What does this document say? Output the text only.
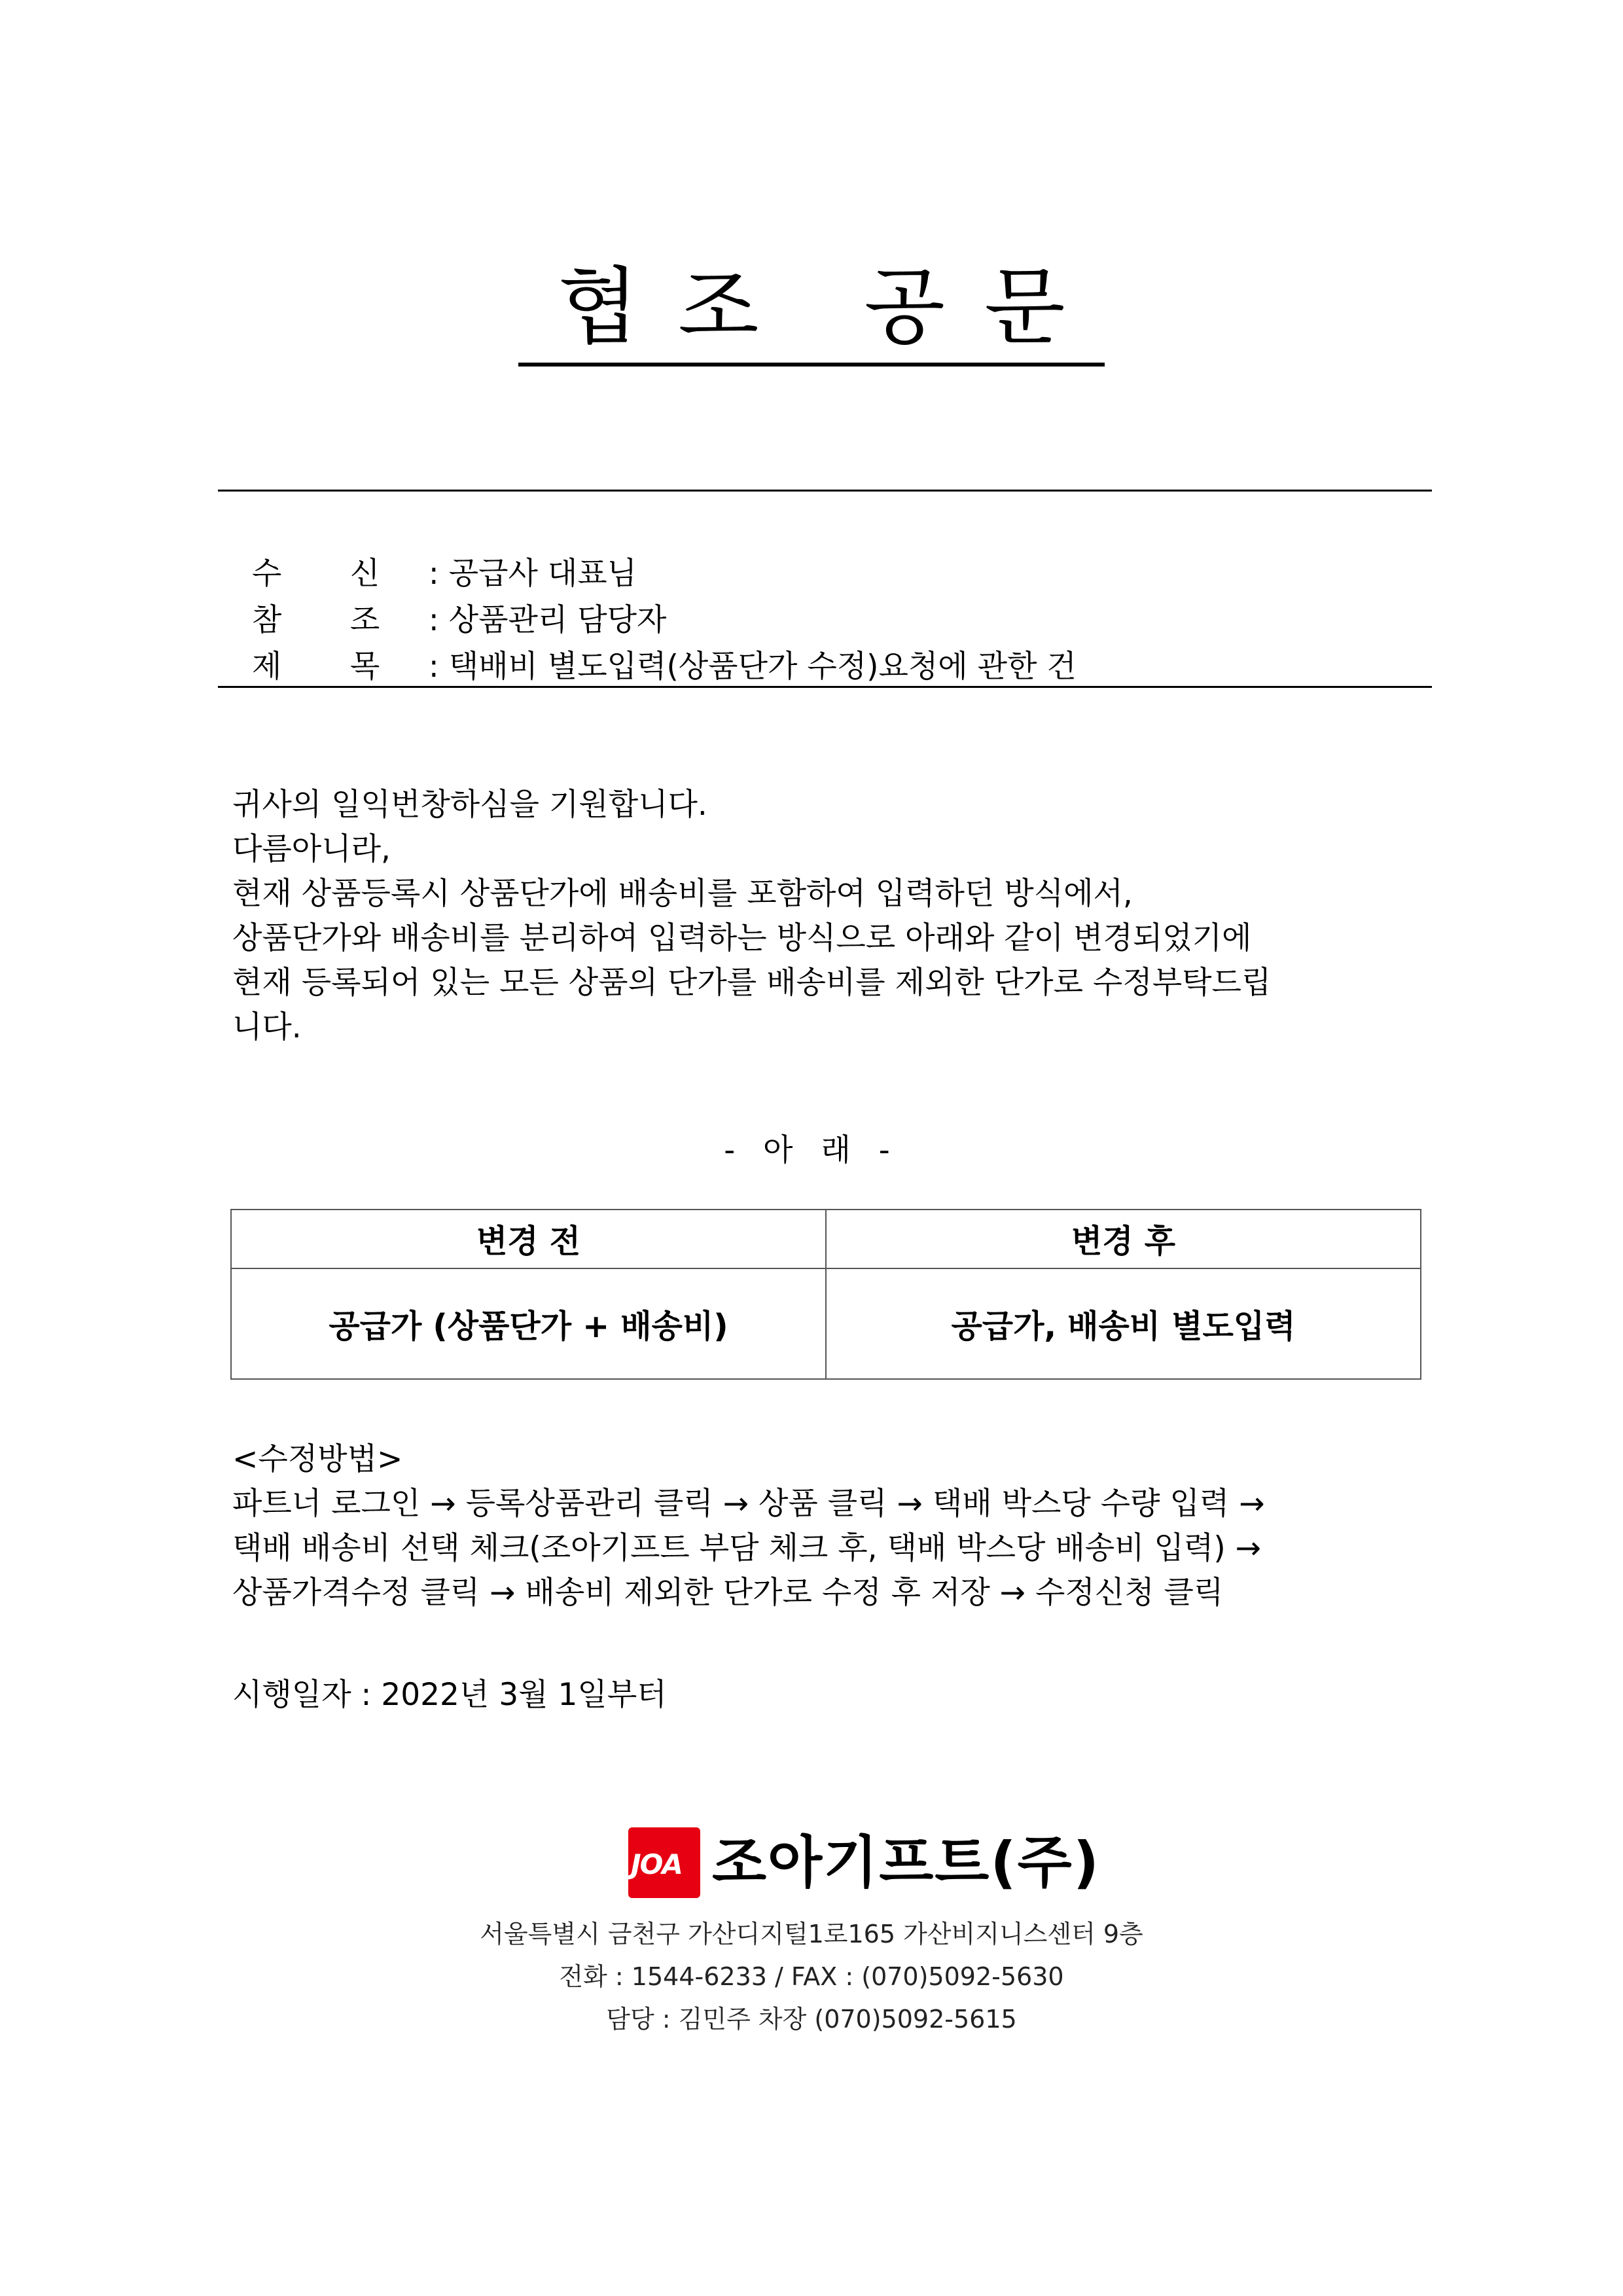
협조 공문

수 신 : 공급사 대표님

참 조 : 상품관리 담당자

제 목 : 택배비 별도입력(상품단가 수정)요청에 관한 건

귀사의 일익번창하심을 기원합니다.
다름아니라,
현재 상품등록시 상품단가에 배송비를 포함하여 입력하던 방식에서,
상품단가와 배송비를 분리하여 입력하는 방식으로 아래와 같이 변경되었기에
현재 등록되어 있는 모든 상품의 단가를 배송비를 제외한 단가로 수정부탁드립
니다.
- 아 래 -
변경 전	변경 후
공급가 (상품단가 + 배송비)	공급가, 배송비 별도입력
<수정방법>
파트너 로그인 → 등록상품관리 클릭 → 상품 클릭 → 택배 박스당 수량 입력 →
택배 배송비 선택 체크(조아기프트 부담 체크 후, 택배 박스당 배송비 입력) →
상품가격수정 클릭 → 배송비 제외한 단가로 수정 후 저장 → 수정신청 클릭
시행일자 : 2022년 3월 1일부터
JOA 조아기프트(주)
서울특별시 금천구 가산디지털1로165 가산비지니스센터 9층
전화 : 1544-6233 / FAX : (070)5092-5630
담당 : 김민주 차장 (070)5092-5615
